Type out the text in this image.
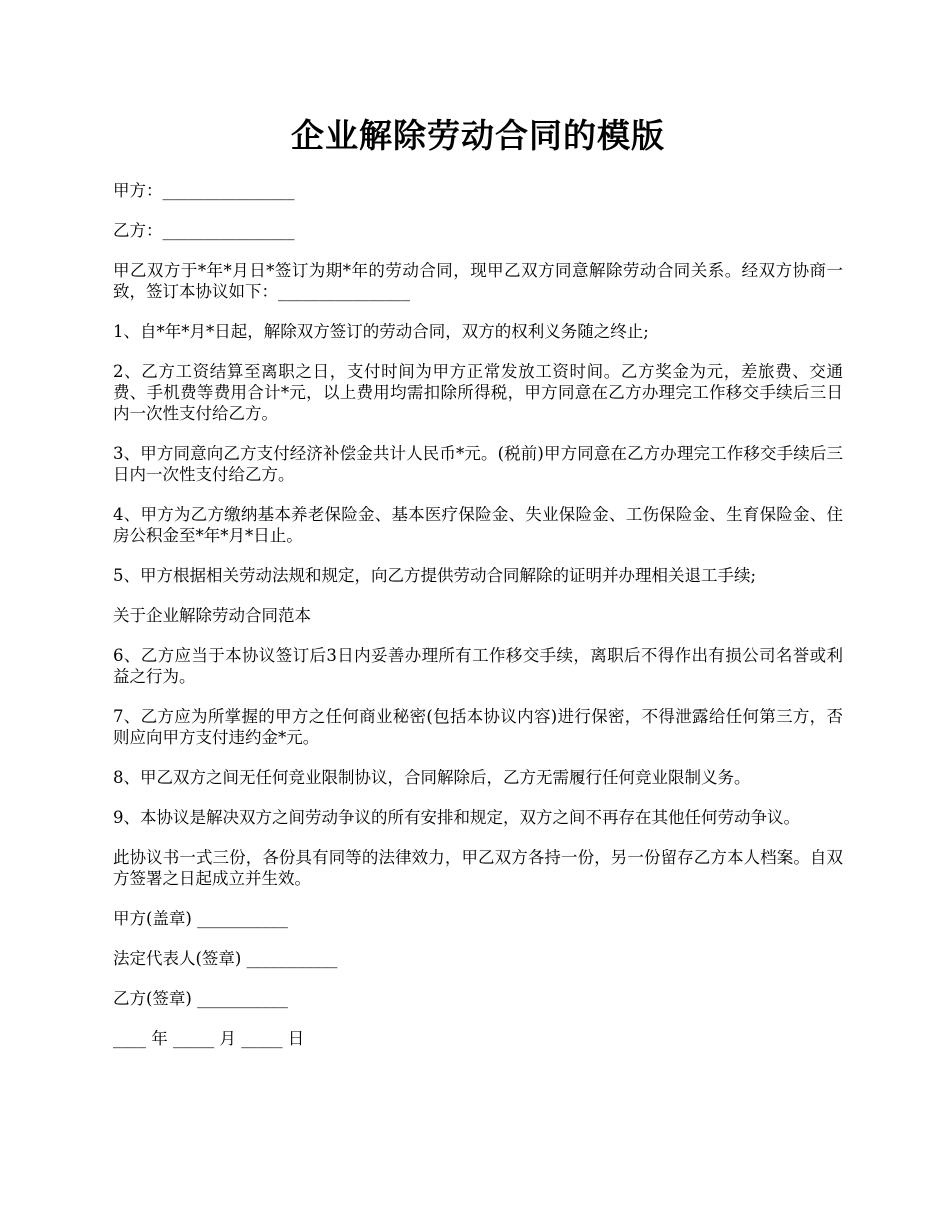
企业解除劳动合同的模版

甲方：________________

乙方：________________

甲乙双方于*年*月日*签订为期*年的劳动合同，现甲乙双方同意解除劳动合同关系。经双方协商一致，签订本协议如下：________________

1、自*年*月*日起，解除双方签订的劳动合同，双方的权利义务随之终止;

2、乙方工资结算至离职之日，支付时间为甲方正常发放工资时间。乙方奖金为元，差旅费、交通费、手机费等费用合计*元，以上费用均需扣除所得税，甲方同意在乙方办理完工作移交手续后三日内一次性支付给乙方。

3、甲方同意向乙方支付经济补偿金共计人民币*元。(税前)甲方同意在乙方办理完工作移交手续后三日内一次性支付给乙方。

4、甲方为乙方缴纳基本养老保险金、基本医疗保险金、失业保险金、工伤保险金、生育保险金、住房公积金至*年*月*日止。

5、甲方根据相关劳动法规和规定，向乙方提供劳动合同解除的证明并办理相关退工手续;

关于企业解除劳动合同范本

6、乙方应当于本协议签订后3日内妥善办理所有工作移交手续，离职后不得作出有损公司名誉或利益之行为。

7、乙方应为所掌握的甲方之任何商业秘密(包括本协议内容)进行保密，不得泄露给任何第三方，否则应向甲方支付违约金*元。

8、甲乙双方之间无任何竞业限制协议，合同解除后，乙方无需履行任何竞业限制义务。

9、本协议是解决双方之间劳动争议的所有安排和规定，双方之间不再存在其他任何劳动争议。

此协议书一式三份，各份具有同等的法律效力，甲乙双方各持一份，另一份留存乙方本人档案。自双方签署之日起成立并生效。

甲方(盖章) ___________

法定代表人(签章) ___________

乙方(签章) ___________

____ 年 _____ 月 _____ 日
